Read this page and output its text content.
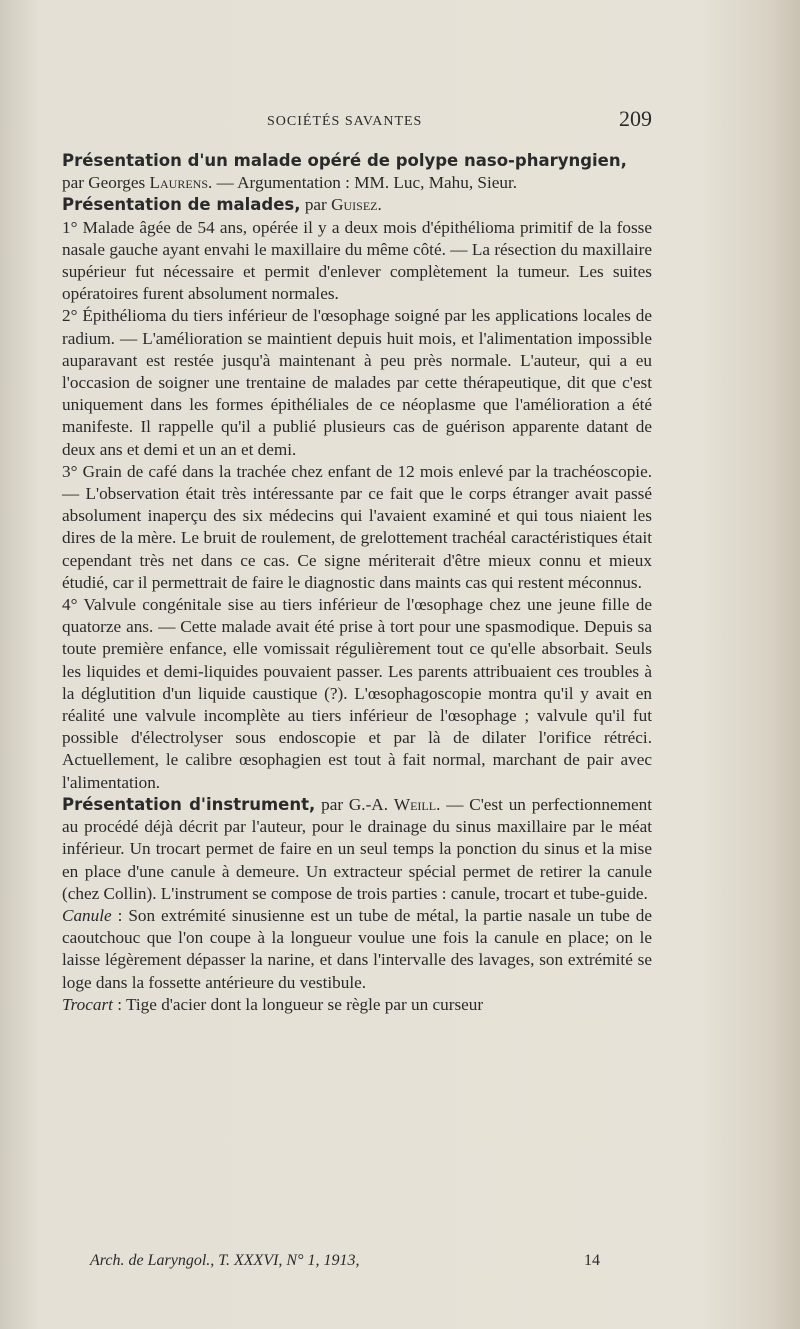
SOCIÉTÉS SAVANTES	209

Présentation d'un malade opéré de polype naso-pharyngien,
par Georges Laurens. — Argumentation : MM. Luc, Mahu, Sieur.

Présentation de malades, par Guisez.

1° Malade âgée de 54 ans, opérée il y a deux mois d'épithélioma primitif de la fosse nasale gauche ayant envahi le maxillaire du même côté. — La résection du maxillaire supérieur fut nécessaire et permit d'enlever complètement la tumeur. Les suites opératoires furent absolument normales.

2° Épithélioma du tiers inférieur de l'œsophage soigné par les applications locales de radium. — L'amélioration se maintient depuis huit mois, et l'alimentation impossible auparavant est restée jusqu'à maintenant à peu près normale. L'auteur, qui a eu l'occasion de soigner une trentaine de malades par cette thérapeutique, dit que c'est uniquement dans les formes épithéliales de ce néoplasme que l'amélioration a été manifeste. Il rappelle qu'il a publié plusieurs cas de guérison apparente datant de deux ans et demi et un an et demi.

3° Grain de café dans la trachée chez enfant de 12 mois enlevé par la trachéoscopie. — L'observation était très intéressante par ce fait que le corps étranger avait passé absolument inaperçu des six médecins qui l'avaient examiné et qui tous niaient les dires de la mère. Le bruit de roulement, de grelottement trachéal caractéristiques était cependant très net dans ce cas. Ce signe mériterait d'être mieux connu et mieux étudié, car il permettrait de faire le diagnostic dans maints cas qui restent méconnus.

4° Valvule congénitale sise au tiers inférieur de l'œsophage chez une jeune fille de quatorze ans. — Cette malade avait été prise à tort pour une spasmodique. Depuis sa toute première enfance, elle vomissait régulièrement tout ce qu'elle absorbait. Seuls les liquides et demi-liquides pouvaient passer. Les parents attribuaient ces troubles à la déglutition d'un liquide caustique (?). L'œsophagoscopie montra qu'il y avait en réalité une valvule incomplète au tiers inférieur de l'œsophage ; valvule qu'il fut possible d'électrolyser sous endoscopie et par là de dilater l'orifice rétréci. Actuellement, le calibre œsophagien est tout à fait normal, marchant de pair avec l'alimentation.

Présentation d'instrument, par G.-A. Weill. — C'est un perfectionnement au procédé déjà décrit par l'auteur, pour le drainage du sinus maxillaire par le méat inférieur. Un trocart permet de faire en un seul temps la ponction du sinus et la mise en place d'une canule à demeure. Un extracteur spécial permet de retirer la canule (chez Collin). L'instrument se compose de trois parties : canule, trocart et tube-guide.

Canule : Son extrémité sinusienne est un tube de métal, la partie nasale un tube de caoutchouc que l'on coupe à la longueur voulue une fois la canule en place; on le laisse légèrement dépasser la narine, et dans l'intervalle des lavages, son extrémité se loge dans la fossette antérieure du vestibule.

Trocart : Tige d'acier dont la longueur se règle par un curseur

Arch. de Laryngol., T. XXXVI, N° 1, 1913,	14
